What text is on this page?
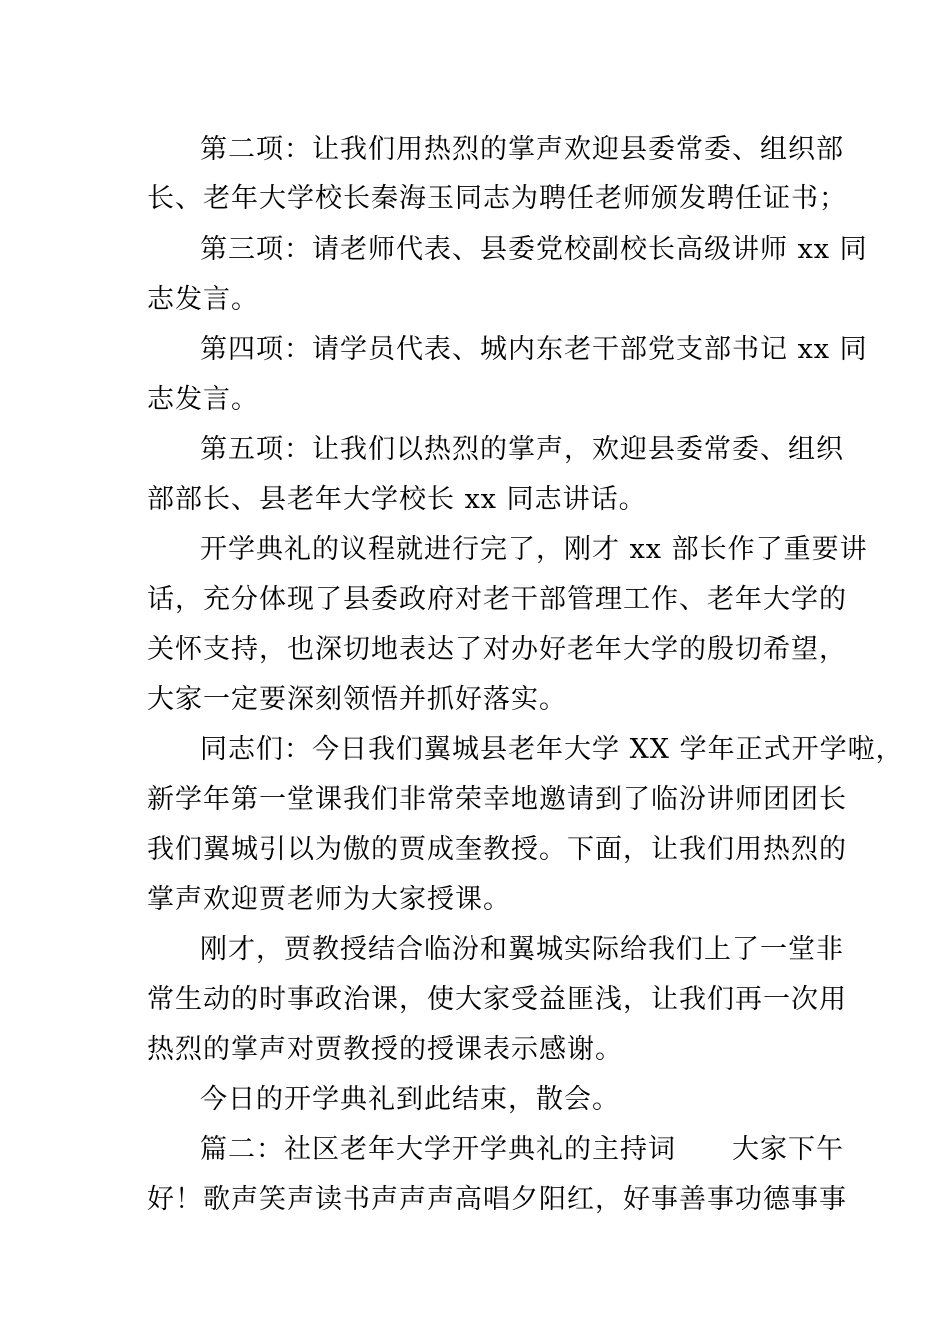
第二项：让我们用热烈的掌声欢迎县委常委、组织部
长、老年大学校长秦海玉同志为聘任老师颁发聘任证书；
第三项：请老师代表、县委党校副校长高级讲师 xx 同
志发言。
第四项：请学员代表、城内东老干部党支部书记 xx 同
志发言。
第五项：让我们以热烈的掌声，欢迎县委常委、组织
部部长、县老年大学校长 xx 同志讲话。
开学典礼的议程就进行完了，刚才 xx 部长作了重要讲
话，充分体现了县委政府对老干部管理工作、老年大学的
关怀支持，也深切地表达了对办好老年大学的殷切希望，
大家一定要深刻领悟并抓好落实。
同志们：今日我们翼城县老年大学 XX 学年正式开学啦，
新学年第一堂课我们非常荣幸地邀请到了临汾讲师团团长
我们翼城引以为傲的贾成奎教授。下面，让我们用热烈的
掌声欢迎贾老师为大家授课。
刚才，贾教授结合临汾和翼城实际给我们上了一堂非
常生动的时事政治课，使大家受益匪浅，让我们再一次用
热烈的掌声对贾教授的授课表示感谢。
今日的开学典礼到此结束，散会。
篇二：社区老年大学开学典礼的主持词　　大家下午
好！歌声笑声读书声声声高唱夕阳红，好事善事功德事事
